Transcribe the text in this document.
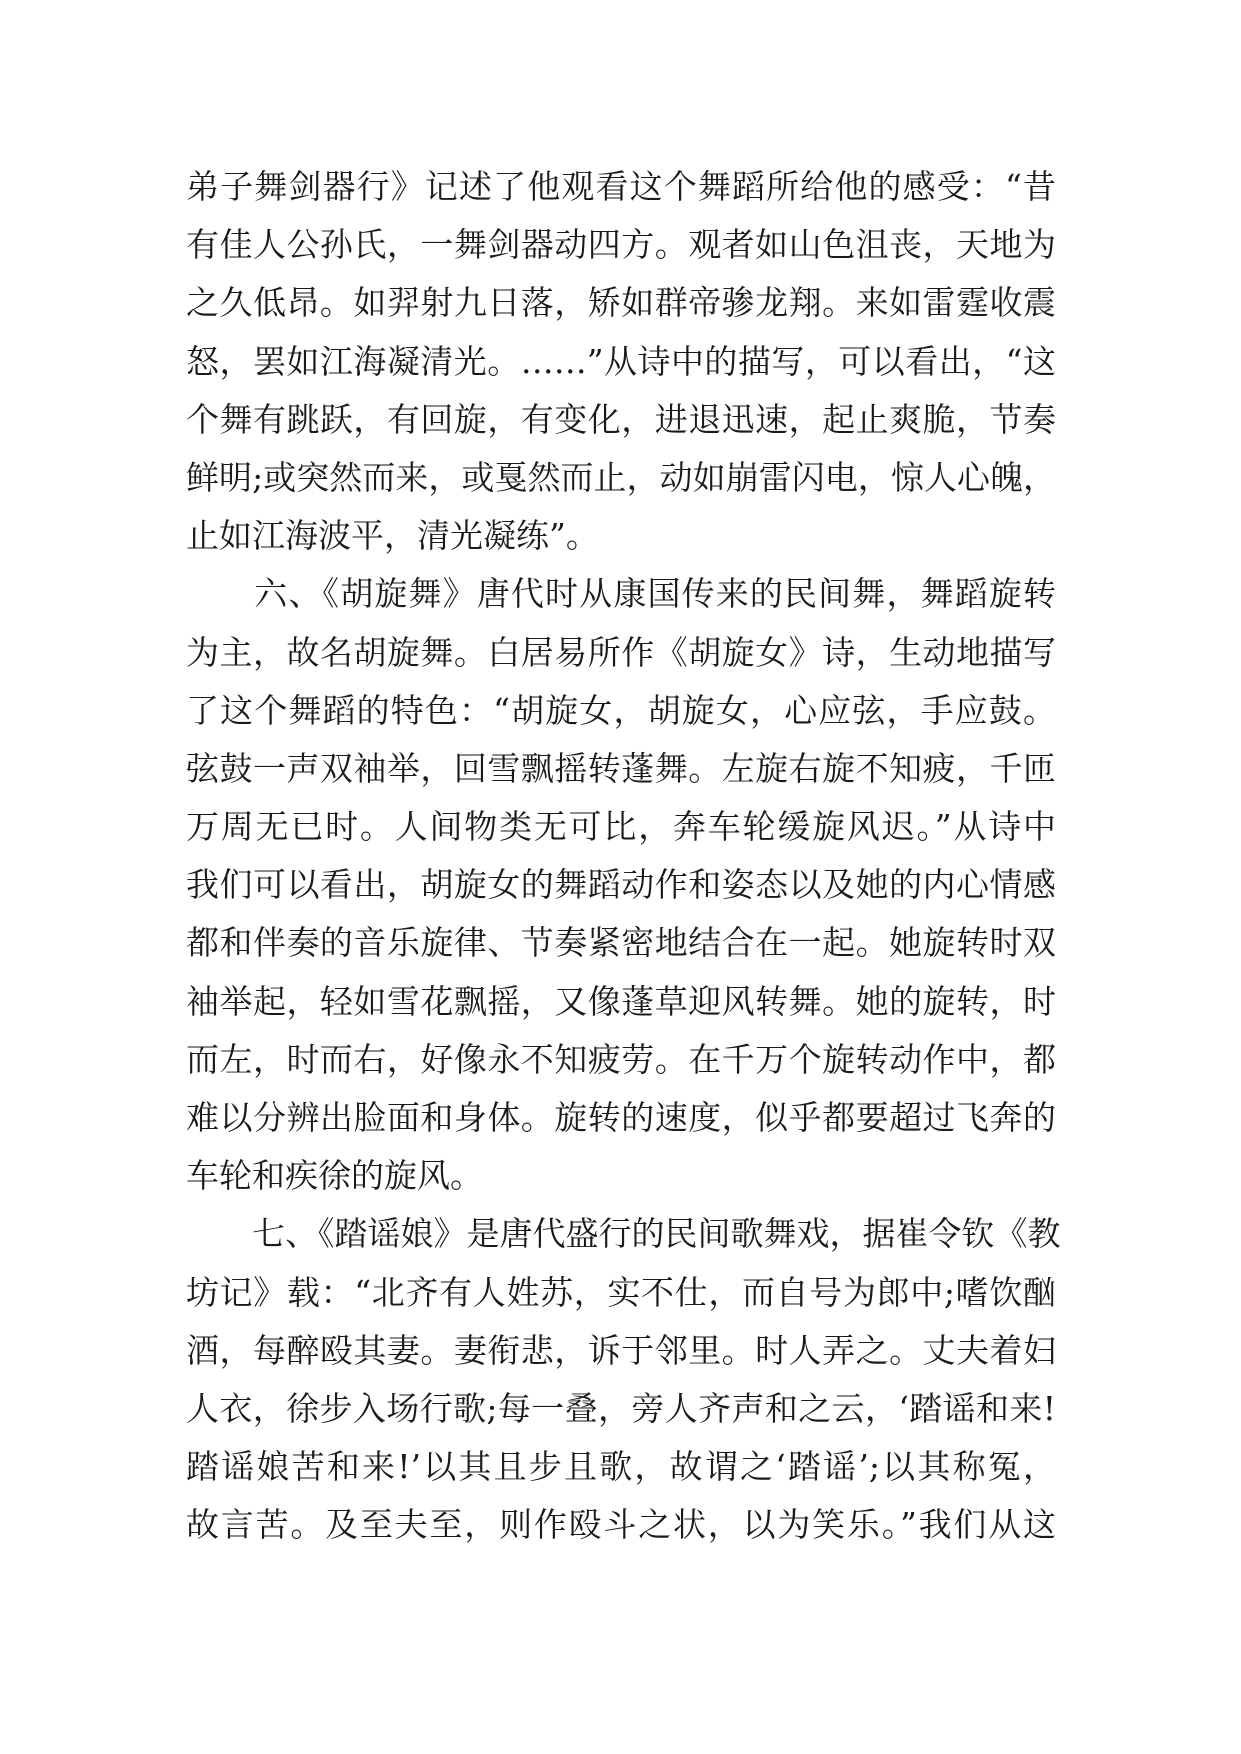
弟子舞剑器行》记述了他观看这个舞蹈所给他的感受：“昔
有佳人公孙氏，一舞剑器动四方。观者如山色沮丧，天地为
之久低昂。如羿射九日落，矫如群帝骖龙翔。来如雷霆收震
怒，罢如江海凝清光。……”从诗中的描写，可以看出，“这
个舞有跳跃，有回旋，有变化，进退迅速，起止爽脆，节奏
鲜明;或突然而来，或戛然而止，动如崩雷闪电，惊人心魄，
止如江海波平，清光凝练”。
　　六、《胡旋舞》唐代时从康国传来的民间舞，舞蹈旋转
为主，故名胡旋舞。白居易所作《胡旋女》诗，生动地描写
了这个舞蹈的特色：“胡旋女，胡旋女，心应弦，手应鼓。
弦鼓一声双袖举，回雪飘摇转蓬舞。左旋右旋不知疲，千匝
万周无已时。人间物类无可比，奔车轮缓旋风迟。”从诗中
我们可以看出，胡旋女的舞蹈动作和姿态以及她的内心情感
都和伴奏的音乐旋律、节奏紧密地结合在一起。她旋转时双
袖举起，轻如雪花飘摇，又像蓬草迎风转舞。她的旋转，时
而左，时而右，好像永不知疲劳。在千万个旋转动作中，都
难以分辨出脸面和身体。旋转的速度，似乎都要超过飞奔的
车轮和疾徐的旋风。
　　七、《踏谣娘》是唐代盛行的民间歌舞戏，据崔令钦《教
坊记》载：“北齐有人姓苏，实不仕，而自号为郎中;嗜饮酗
酒，每醉殴其妻。妻衔悲，诉于邻里。时人弄之。丈夫着妇
人衣，徐步入场行歌;每一叠，旁人齐声和之云，‘踏谣和来!
踏谣娘苦和来!’以其且步且歌，故谓之‘踏谣’;以其称冤，
故言苦。及至夫至，则作殴斗之状，以为笑乐。”我们从这
